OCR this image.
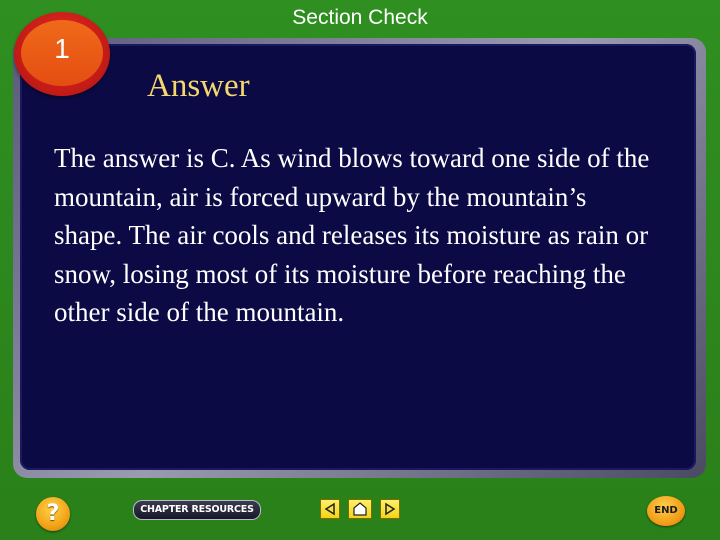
Section Check
1
Answer
The answer is C. As wind blows toward one side of the mountain, air is forced upward by the mountain’s shape. The air cools and releases its moisture as rain or snow, losing most of its moisture before reaching the other side of the mountain.
?	CHAPTER RESOURCES	END
